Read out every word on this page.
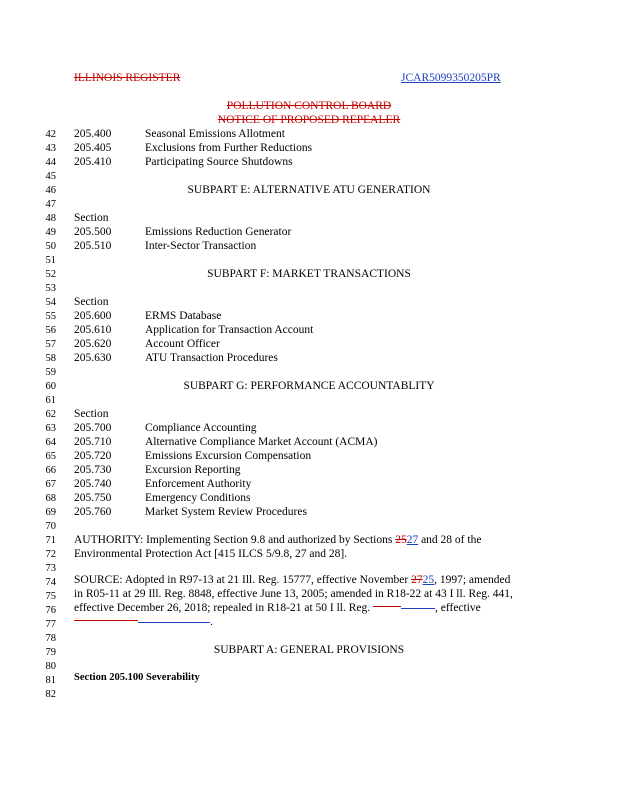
ILLINOIS REGISTER	JCAR5099350205PR
POLLUTION CONTROL BOARD
NOTICE OF PROPOSED REPEALER
42
43
44
45
46
47
48
49
50
51
52
53
54
55
56
57
58
59
60
61
62
63
64
65
66
67
68
69
70
71
72
73
74
75
76
77
78
79
80
81
82
205.400	Seasonal Emissions Allotment
205.405	Exclusions from Further Reductions
205.410	Participating Source Shutdowns
SUBPART E: ALTERNATIVE ATU GENERATION
Section
205.500	Emissions Reduction Generator
205.510	Inter-Sector Transaction
SUBPART F: MARKET TRANSACTIONS
Section
205.600	ERMS Database
205.610	Application for Transaction Account
205.620	Account Officer
205.630	ATU Transaction Procedures
SUBPART G: PERFORMANCE ACCOUNTABLITY
Section
205.700	Compliance Accounting
205.710	Alternative Compliance Market Account (ACMA)
205.720	Emissions Excursion Compensation
205.730	Excursion Reporting
205.740	Enforcement Authority
205.750	Emergency Conditions
205.760	Market System Review Procedures
AUTHORITY: Implementing Section 9.8 and authorized by Sections 2527 and 28 of the
Environmental Protection Act [415 ILCS 5/9.8, 27 and 28].
SOURCE: Adopted in R97-13 at 21 Ill. Reg. 15777, effective November 2725, 1997; amended
in R05-11 at 29 Ill. Reg. 8848, effective June 13, 2005; amended in R18-22 at 43 I ll. Reg. 441,
effective December 26, 2018; repealed in R18-21 at 50 I ll. Reg.	, effective
.
SUBPART A: GENERAL PROVISIONS
Section 205.100 Severability
